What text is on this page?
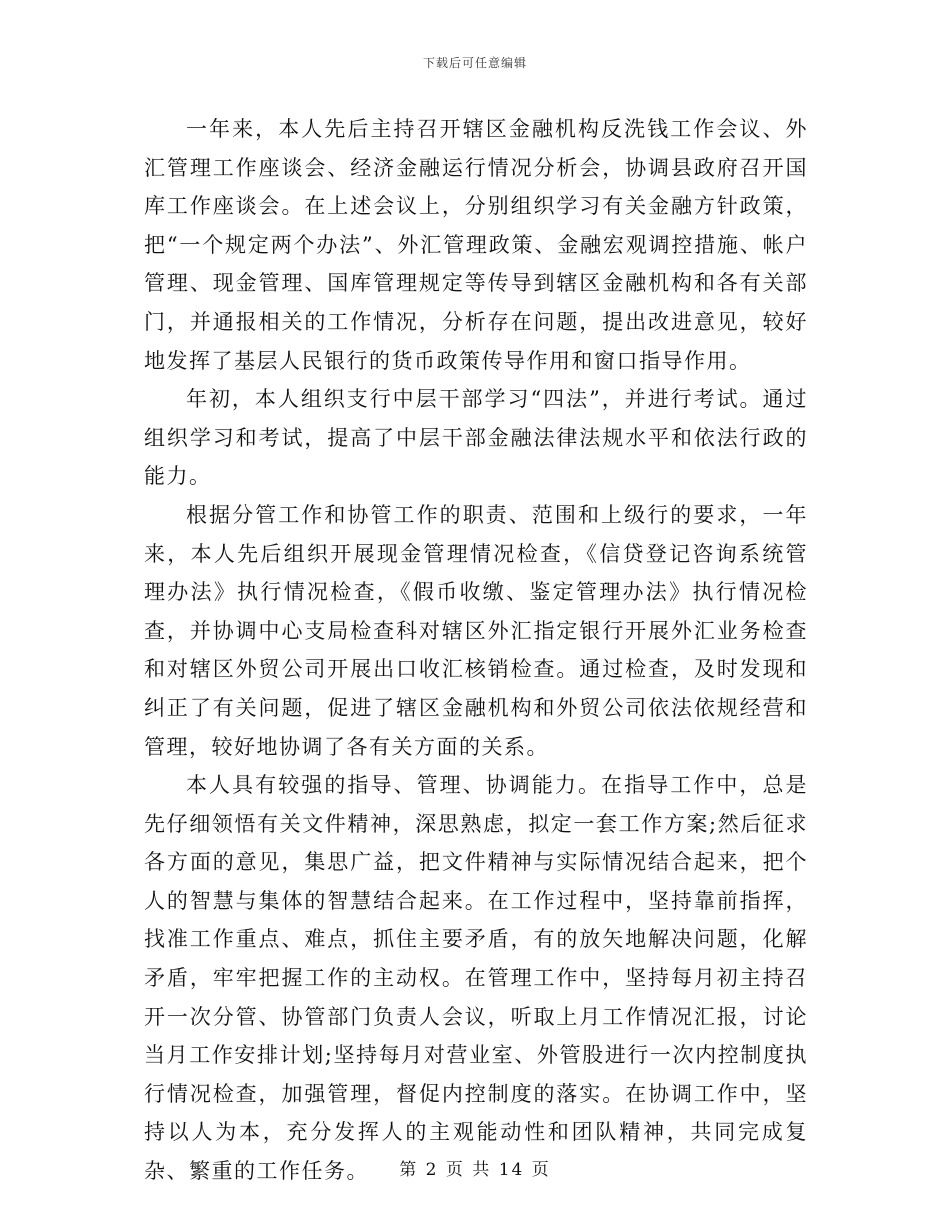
下载后可任意编辑

一年来，本人先后主持召开辖区金融机构反洗钱工作会议、外汇管理工作座谈会、经济金融运行情况分析会，协调县政府召开国库工作座谈会。在上述会议上，分别组织学习有关金融方针政策，把“一个规定两个办法”、外汇管理政策、金融宏观调控措施、帐户管理、现金管理、国库管理规定等传导到辖区金融机构和各有关部门，并通报相关的工作情况，分析存在问题，提出改进意见，较好地发挥了基层人民银行的货币政策传导作用和窗口指导作用。

年初，本人组织支行中层干部学习“四法”，并进行考试。通过组织学习和考试，提高了中层干部金融法律法规水平和依法行政的能力。

根据分管工作和协管工作的职责、范围和上级行的要求，一年来，本人先后组织开展现金管理情况检查，《信贷登记咨询系统管理办法》执行情况检查，《假币收缴、鉴定管理办法》执行情况检查，并协调中心支局检查科对辖区外汇指定银行开展外汇业务检查和对辖区外贸公司开展出口收汇核销检查。通过检查，及时发现和纠正了有关问题，促进了辖区金融机构和外贸公司依法依规经营和管理，较好地协调了各有关方面的关系。

本人具有较强的指导、管理、协调能力。在指导工作中，总是先仔细领悟有关文件精神，深思熟虑，拟定一套工作方案;然后征求各方面的意见，集思广益，把文件精神与实际情况结合起来，把个人的智慧与集体的智慧结合起来。在工作过程中，坚持靠前指挥，找准工作重点、难点，抓住主要矛盾，有的放矢地解决问题，化解矛盾，牢牢把握工作的主动权。在管理工作中，坚持每月初主持召开一次分管、协管部门负责人会议，听取上月工作情况汇报，讨论当月工作安排计划;坚持每月对营业室、外管股进行一次内控制度执行情况检查，加强管理，督促内控制度的落实。在协调工作中，坚持以人为本，充分发挥人的主观能动性和团队精神，共同完成复杂、繁重的工作任务。	第 2 页 共 14 页
